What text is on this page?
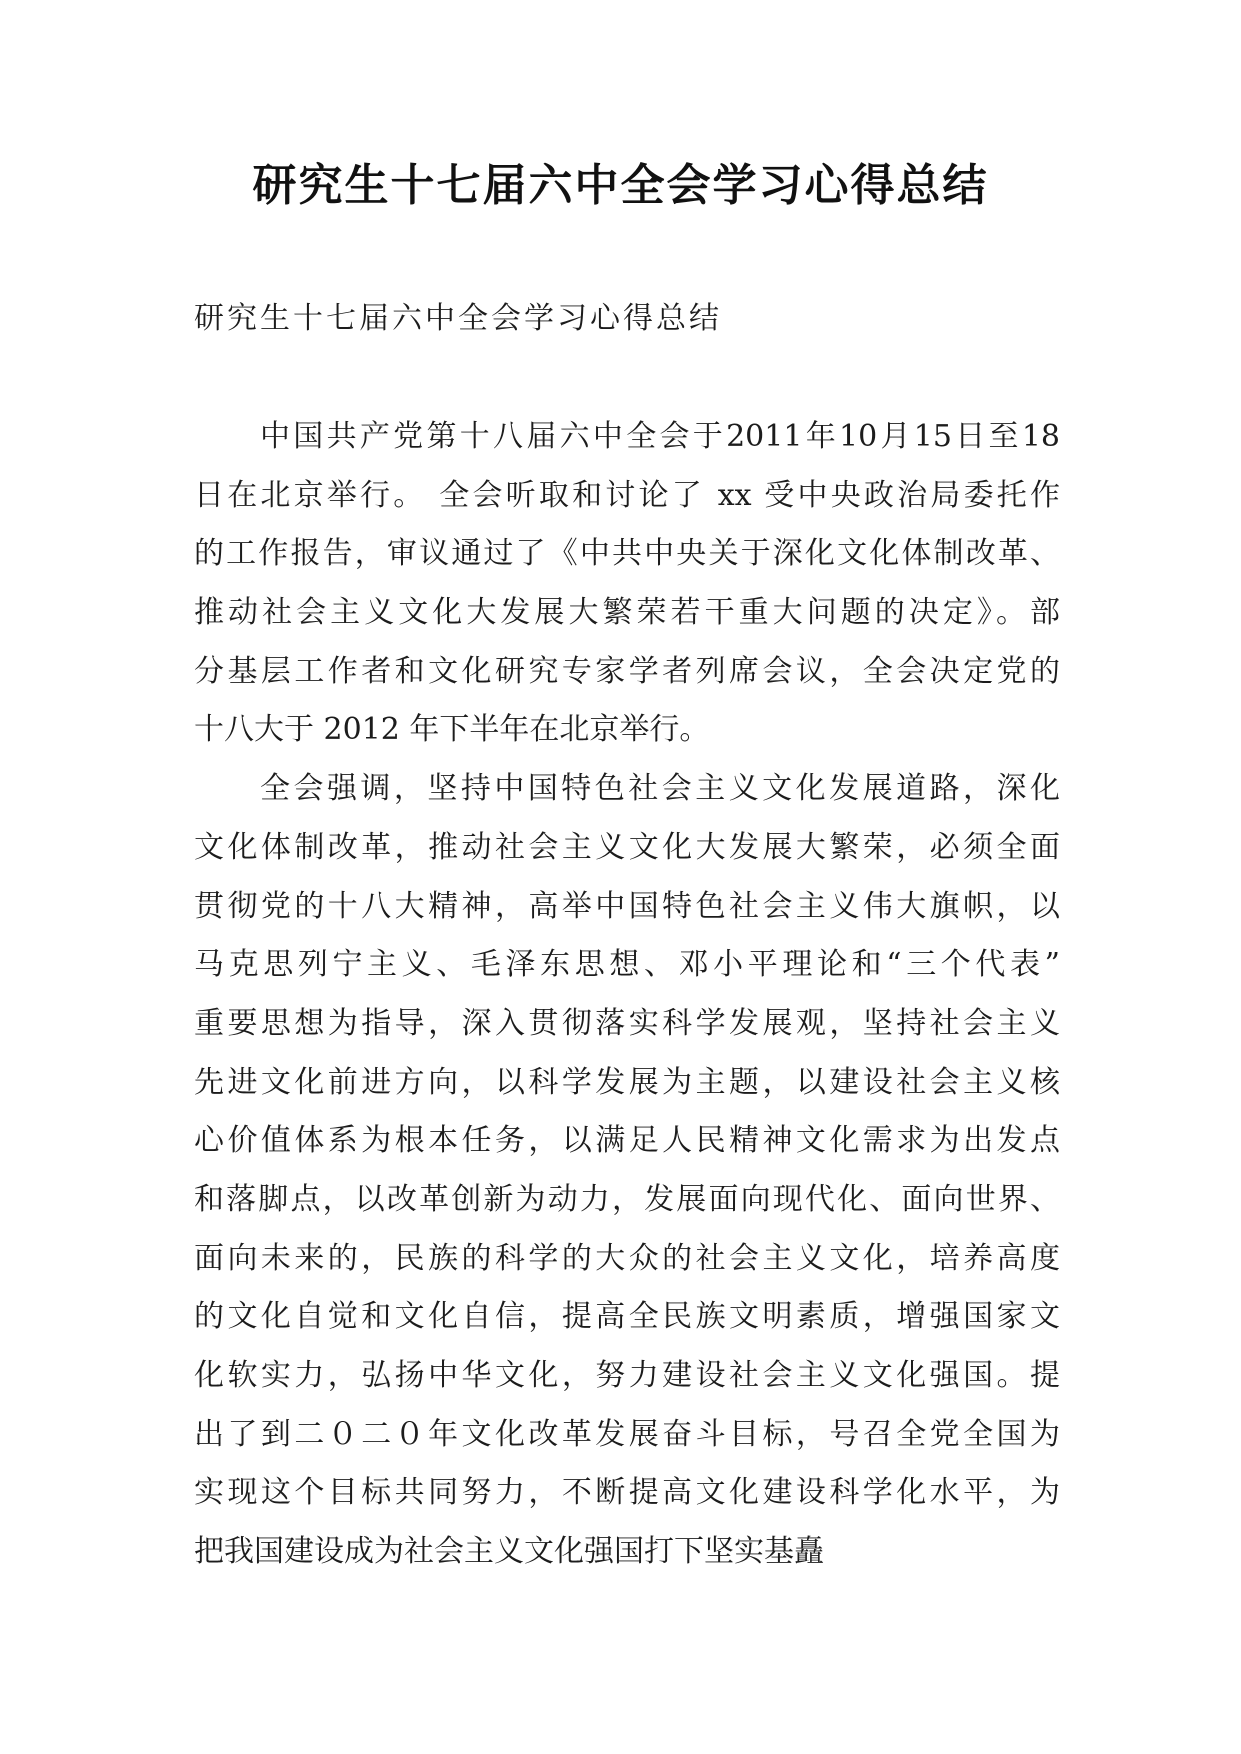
研究生十七届六中全会学习心得总结
研究生十七届六中全会学习心得总结
中国共产党第十八届六中全会于2011年10月15日至18
日在北京举行。 全会听取和讨论了 xx 受中央政治局委托作
的工作报告，审议通过了《中共中央关于深化文化体制改革、
推动社会主义文化大发展大繁荣若干重大问题的决定》。部
分基层工作者和文化研究专家学者列席会议，全会决定党的
十八大于 2012 年下半年在北京举行。
全会强调，坚持中国特色社会主义文化发展道路，深化
文化体制改革，推动社会主义文化大发展大繁荣，必须全面
贯彻党的十八大精神，高举中国特色社会主义伟大旗帜，以
马克思列宁主义、毛泽东思想、邓小平理论和“三个代表”
重要思想为指导，深入贯彻落实科学发展观，坚持社会主义
先进文化前进方向，以科学发展为主题，以建设社会主义核
心价值体系为根本任务，以满足人民精神文化需求为出发点
和落脚点，以改革创新为动力，发展面向现代化、面向世界、
面向未来的，民族的科学的大众的社会主义文化，培养高度
的文化自觉和文化自信，提高全民族文明素质，增强国家文
化软实力，弘扬中华文化，努力建设社会主义文化强国。提
出了到二０二０年文化改革发展奋斗目标，号召全党全国为
实现这个目标共同努力，不断提高文化建设科学化水平，为
把我国建设成为社会主义文化强国打下坚实基矗
